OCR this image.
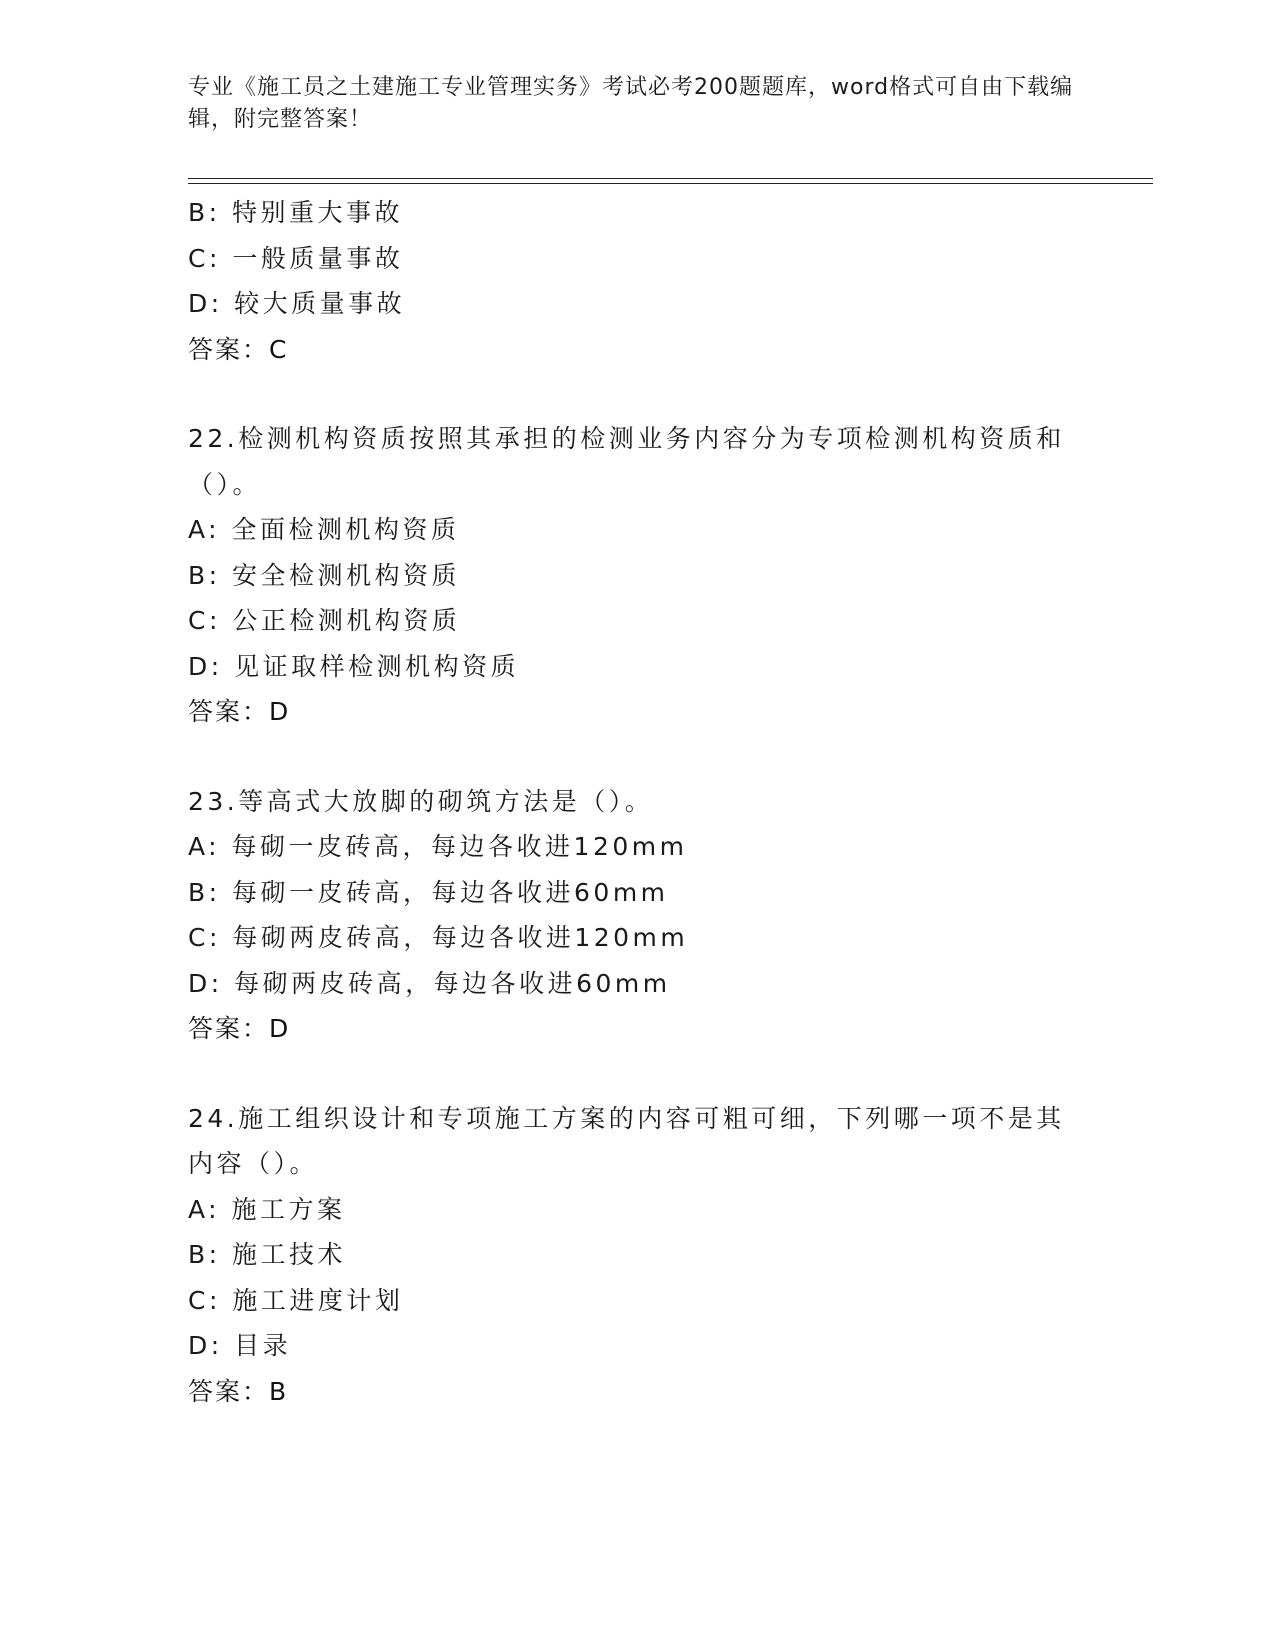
专业《施工员之土建施工专业管理实务》考试必考200题题库，word格式可自由下载编辑，附完整答案！
B: 特别重大事故
C: 一般质量事故
D: 较大质量事故
答案：C
22.检测机构资质按照其承担的检测业务内容分为专项检测机构资质和
（）。
A: 全面检测机构资质
B: 安全检测机构资质
C: 公正检测机构资质
D: 见证取样检测机构资质
答案：D
23.等高式大放脚的砌筑方法是（）。
A: 每砌一皮砖高，每边各收进120mm
B: 每砌一皮砖高，每边各收进60mm
C: 每砌两皮砖高，每边各收进120mm
D: 每砌两皮砖高，每边各收进60mm
答案：D
24.施工组织设计和专项施工方案的内容可粗可细，下列哪一项不是其
内容（）。
A: 施工方案
B: 施工技术
C: 施工进度计划
D: 目录
答案：B
